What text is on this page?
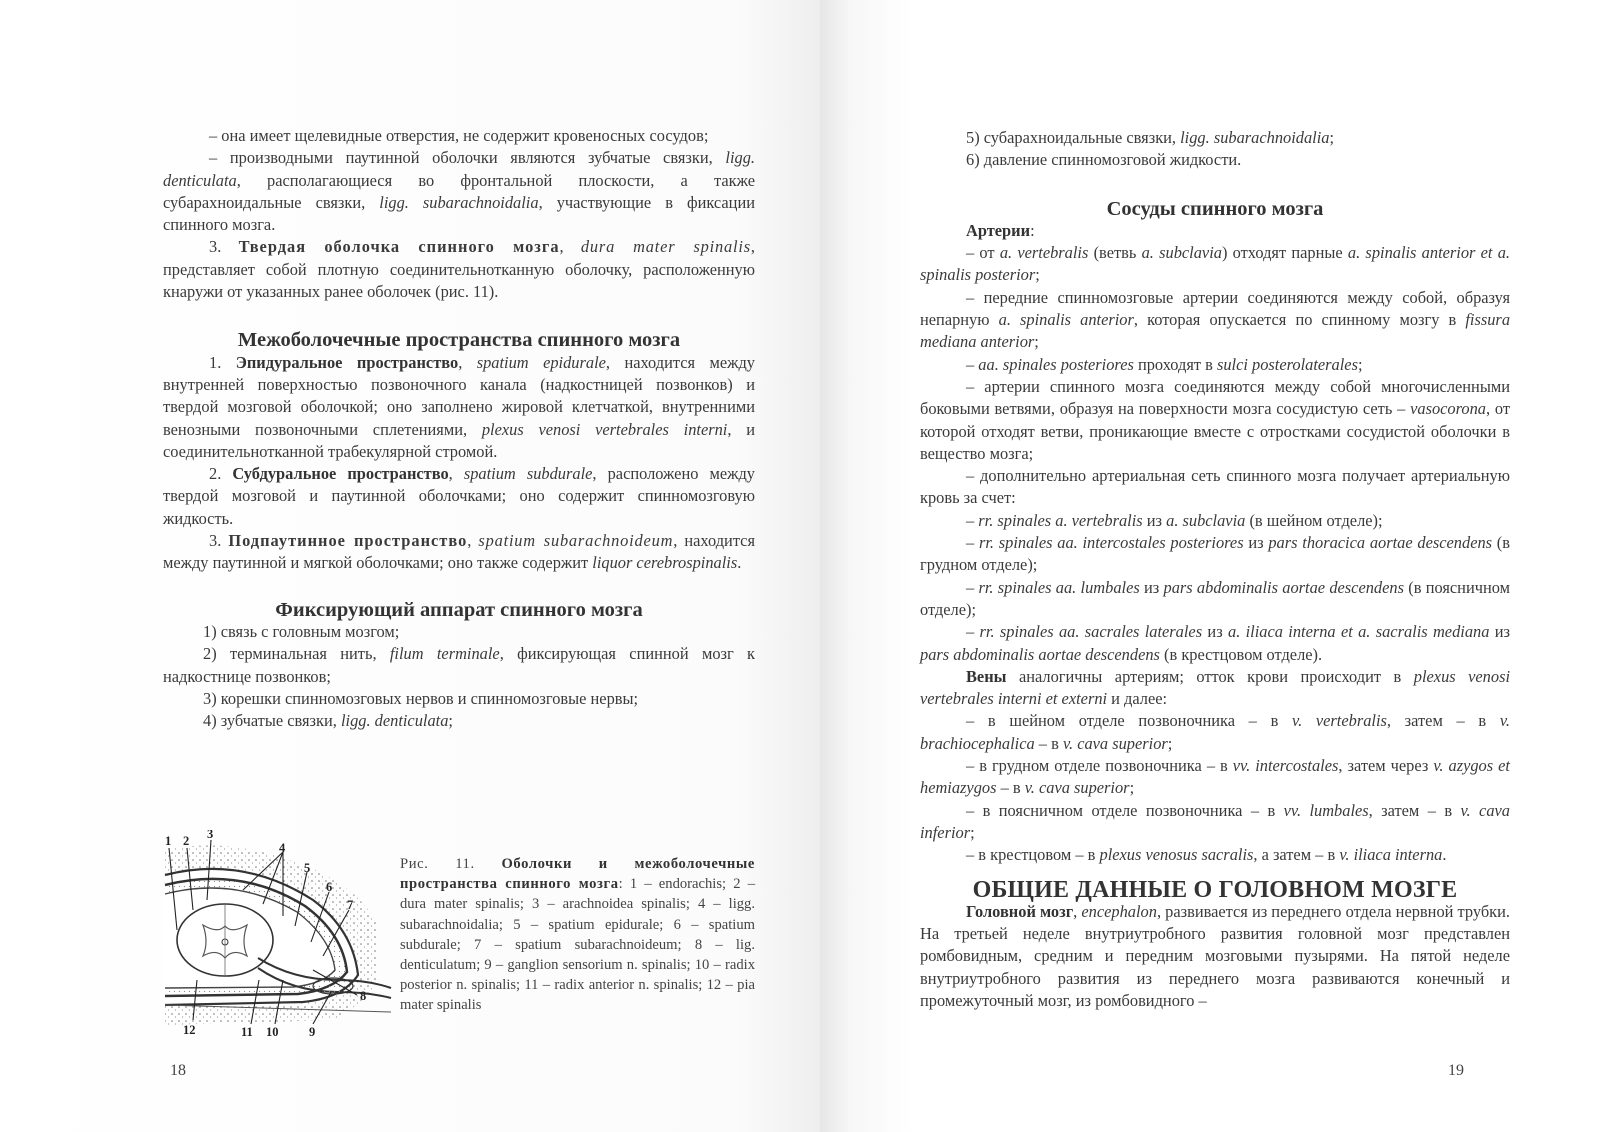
– она имеет щелевидные отверстия, не содержит кровеносных сосудов;

– производными паутинной оболочки являются зубчатые связки, ligg. denticulata, располагающиеся во фронтальной плоскости, а также субарахноидальные связки, ligg. subarachnoidalia, участвующие в фиксации спинного мозга.

3. Твердая оболочка спинного мозга, dura mater spinalis, представляет собой плотную соединительнотканную оболочку, расположенную кнаружи от указанных ранее оболочек (рис. 11).

Межоболочечные пространства спинного мозга

1. Эпидуральное пространство, spatium epidurale, находится между внутренней поверхностью позвоночного канала (надкостницей позвонков) и твердой мозговой оболочкой; оно заполнено жировой клетчаткой, внутренними венозными позвоночными сплетениями, plexus venosi vertebrales interni, и соединительнотканной трабекулярной стромой.

2. Субдуральное пространство, spatium subdurale, расположено между твердой мозговой и паутинной оболочками; оно содержит спинномозговую жидкость.

3. Подпаутинное пространство, spatium subarachnoideum, находится между паутинной и мягкой оболочками; оно также содержит liquor cerebrospinalis.

Фиксирующий аппарат спинного мозга

1) связь с головным мозгом;

2) терминальная нить, filum terminale, фиксирующая спинной мозг к надкостнице позвонков;

3) корешки спинномозговых нервов и спинномозговые нервы;

4) зубчатые связки, ligg. denticulata;

1 2 3
4
5
6
7
8
9
10
11
12
Рис. 11. Оболочки и межоболочечные пространства спинного мозга: 1 – endorachis; 2 – dura mater spinalis; 3 – arachnoidea spinalis; 4 – ligg. subarachnoidalia; 5 – spatium epidurale; 6 – spatium subdurale; 7 – spatium subarachnoideum; 8 – lig. denticulatum; 9 – ganglion sensorium n. spinalis; 10 – radix posterior n. spinalis; 11 – radix anterior n. spinalis; 12 – pia mater spinalis
18

5) субарахноидальные связки, ligg. subarachnoidalia;

6) давление спинномозговой жидкости.

Сосуды спинного мозга

Артерии:

– от a. vertebralis (ветвь a. subclavia) отходят парные a. spinalis anterior et a. spinalis posterior;

– передние спинномозговые артерии соединяются между собой, образуя непарную a. spinalis anterior, которая опускается по спинному мозгу в fissura mediana anterior;

– aa. spinales posteriores проходят в sulci posterolaterales;

– артерии спинного мозга соединяются между собой многочисленными боковыми ветвями, образуя на поверхности мозга сосудистую сеть – vasocorona, от которой отходят ветви, проникающие вместе с отростками сосудистой оболочки в вещество мозга;

– дополнительно артериальная сеть спинного мозга получает артериальную кровь за счет:

– rr. spinales a. vertebralis из a. subclavia (в шейном отделе);

– rr. spinales aa. intercostales posteriores из pars thoracica aortae descendens (в грудном отделе);

– rr. spinales aa. lumbales из pars abdominalis aortae descendens (в поясничном отделе);

– rr. spinales aa. sacrales laterales из a. iliaca interna et a. sacralis mediana из pars abdominalis aortae descendens (в крестцовом отделе).

Вены аналогичны артериям; отток крови происходит в plexus venosi vertebrales interni et externi и далее:

– в шейном отделе позвоночника – в v. vertebralis, затем – в v. brachiocephalica – в v. cava superior;

– в грудном отделе позвоночника – в vv. intercostales, затем через v. azygos et hemiazygos – в v. cava superior;

– в поясничном отделе позвоночника – в vv. lumbales, затем – в v. cava inferior;

– в крестцовом – в plexus venosus sacralis, а затем – в v. iliaca interna.

ОБЩИЕ ДАННЫЕ О ГОЛОВНОМ МОЗГЕ

Головной мозг, encephalon, развивается из переднего отдела нервной трубки. На третьей неделе внутриутробного развития головной мозг представлен ромбовидным, средним и передним мозговыми пузырями. На пятой неделе внутриутробного развития из переднего мозга развиваются конечный и промежуточный мозг, из ромбовидного –

19
